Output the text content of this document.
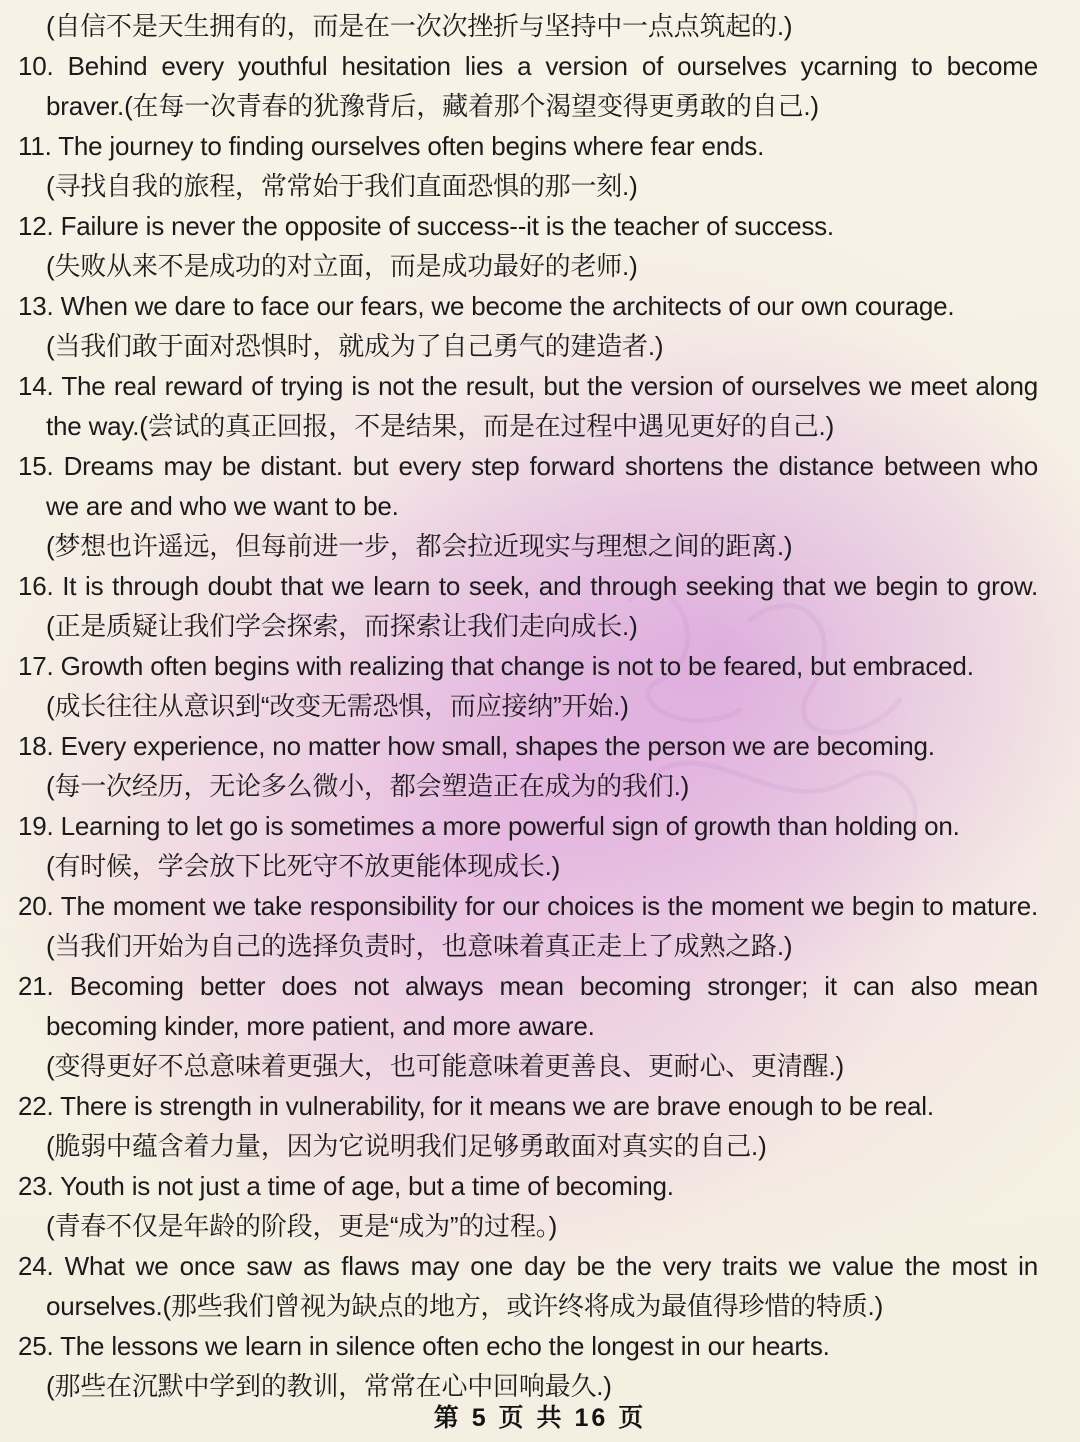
(自信不是天生拥有的，而是在一次次挫折与坚持中一点点筑起的.)

10. Behind every youthful hesitation lies a version of ourselves ycarning to become braver.(在每一次青春的犹豫背后，藏着那个渴望变得更勇敢的自己.)

11. The journey to finding ourselves often begins where fear ends.

(寻找自我的旅程，常常始于我们直面恐惧的那一刻.)

12. Failure is never the opposite of success--it is the teacher of success.

(失败从来不是成功的对立面，而是成功最好的老师.)

13. When we dare to face our fears, we become the architects of our own courage.

(当我们敢于面对恐惧时，就成为了自己勇气的建造者.)

14. The real reward of trying is not the result, but the version of ourselves we meet along the way.(尝试的真正回报，不是结果，而是在过程中遇见更好的自己.)

15. Dreams may be distant. but every step forward shortens the distance between who we are and who we want to be.

(梦想也许遥远，但每前进一步，都会拉近现实与理想之间的距离.)

16. It is through doubt that we learn to seek, and through seeking that we begin to grow.(正是质疑让我们学会探索，而探索让我们走向成长.)

17. Growth often begins with realizing that change is not to be feared, but embraced.

(成长往往从意识到“改变无需恐惧，而应接纳”开始.)

18. Every experience, no matter how small, shapes the person we are becoming.

(每一次经历，无论多么微小，都会塑造正在成为的我们.)

19. Learning to let go is sometimes a more powerful sign of growth than holding on.

(有时候，学会放下比死守不放更能体现成长.)

20. The moment we take responsibility for our choices is the moment we begin to mature.(当我们开始为自己的选择负责时，也意味着真正走上了成熟之路.)

21. Becoming better does not always mean becoming stronger; it can also mean becoming kinder, more patient, and more aware.

(变得更好不总意味着更强大，也可能意味着更善良、更耐心、更清醒.)

22. There is strength in vulnerability, for it means we are brave enough to be real.

(脆弱中蕴含着力量，因为它说明我们足够勇敢面对真实的自己.)

23. Youth is not just a time of age, but a time of becoming.

(青春不仅是年龄的阶段，更是“成为”的过程。)

24. What we once saw as flaws may one day be the very traits we value the most in ourselves.(那些我们曾视为缺点的地方，或许终将成为最值得珍惜的特质.)

25. The lessons we learn in silence often echo the longest in our hearts.

(那些在沉默中学到的教训，常常在心中回响最久.)

第 5 页 共 16 页
